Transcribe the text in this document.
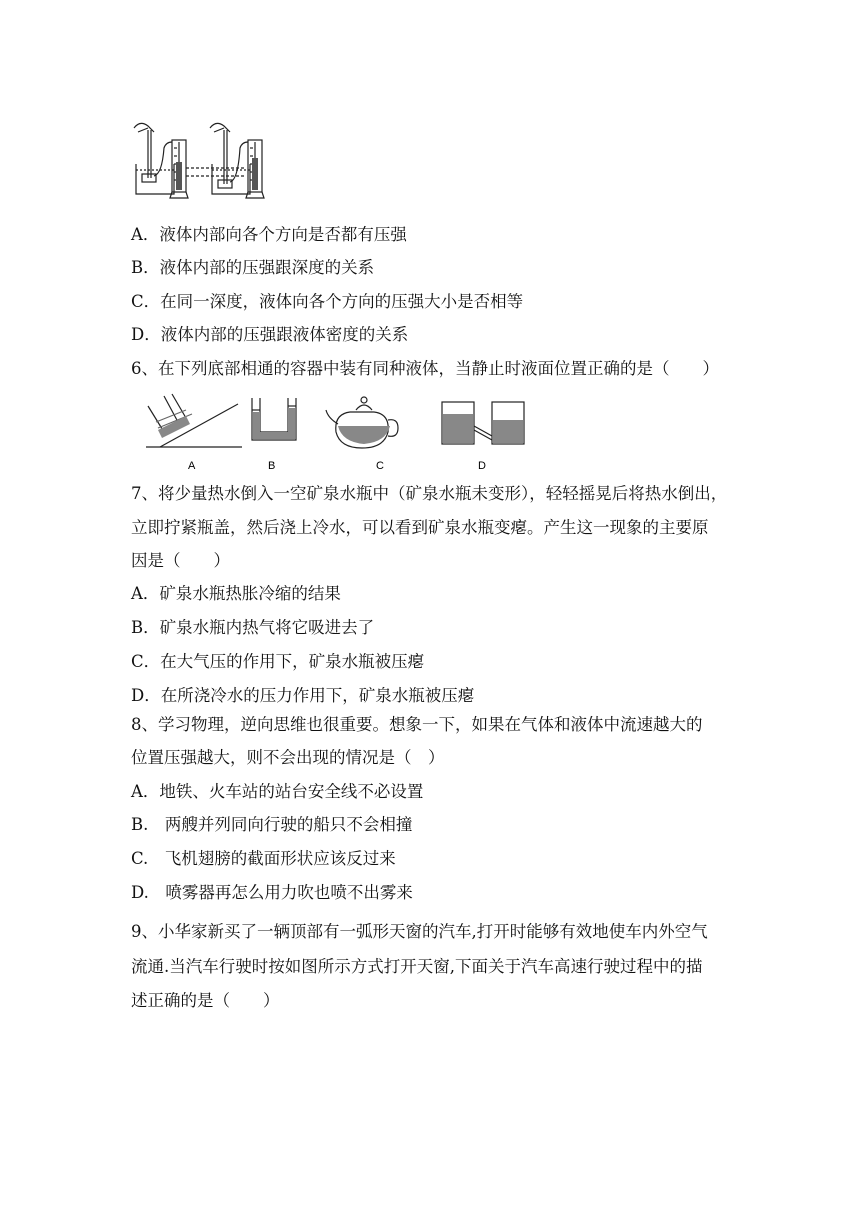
A．液体内部向各个方向是否都有压强
B．液体内部的压强跟深度的关系
C．在同一深度，液体向各个方向的压强大小是否相等
D．液体内部的压强跟液体密度的关系
6、在下列底部相通的容器中装有同种液体，当静止时液面位置正确的是（　　）
A	B	C	D
7、将少量热水倒入一空矿泉水瓶中（矿泉水瓶未变形），轻轻摇晃后将热水倒出，
立即拧紧瓶盖，然后浇上冷水，可以看到矿泉水瓶变瘪。产生这一现象的主要原
因是（　　）
A．矿泉水瓶热胀冷缩的结果
B．矿泉水瓶内热气将它吸进去了
C．在大气压的作用下，矿泉水瓶被压瘪
D．在所浇冷水的压力作用下，矿泉水瓶被压瘪
8、学习物理，逆向思维也很重要。想象一下，如果在气体和液体中流速越大的
位置压强越大，则不会出现的情况是（　）
A．地铁、火车站的站台安全线不必设置
B.　两艘并列同向行驶的船只不会相撞
C.　飞机翅膀的截面形状应该反过来
D.　喷雾器再怎么用力吹也喷不出雾来
9、小华家新买了一辆顶部有一弧形天窗的汽车,打开时能够有效地使车内外空气
流通.当汽车行驶时按如图所示方式打开天窗,下面关于汽车高速行驶过程中的描
述正确的是（　　）
